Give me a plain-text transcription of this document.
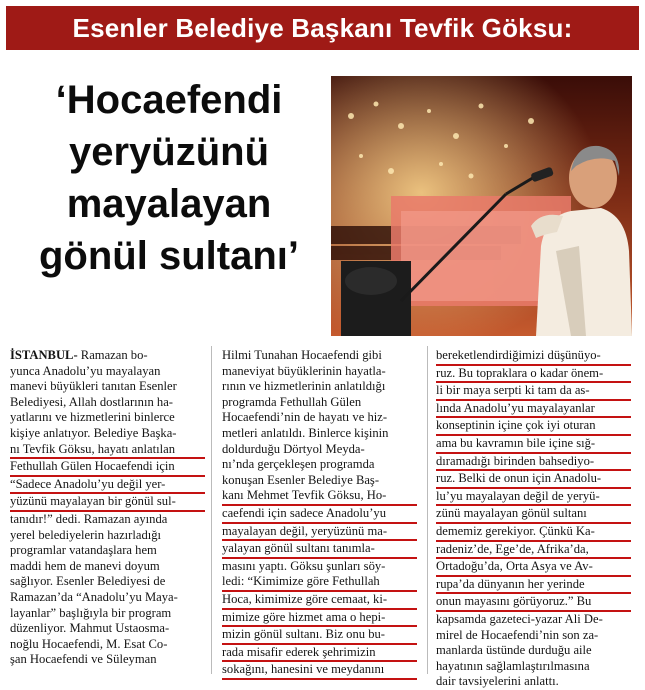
Esenler Belediye Başkanı Tevfik Göksu:
‘Hocaefendi
yeryüzünü
mayalayan
gönül sultanı’
İSTANBUL- Ramazan bo-
yunca Anadolu’yu mayalayan
manevi büyükleri tanıtan Esenler
Belediyesi, Allah dostlarının ha-
yatlarını ve hizmetlerini binlerce
kişiye anlatıyor. Belediye Başka-
nı Tevfik Göksu, hayatı anlatılan
Fethullah Gülen Hocaefendi için
“Sadece Anadolu’yu değil yer-
yüzünü mayalayan bir gönül sul-
tanıdır!” dedi. Ramazan ayında
yerel belediyelerin hazırladığı
programlar vatandaşlara hem
maddi hem de manevi doyum
sağlıyor. Esenler Belediyesi de
Ramazan’da “Anadolu’yu Maya-
layanlar” başlığıyla bir program
düzenliyor. Mahmut Ustaosma-
noğlu Hocaefendi, M. Esat Co-
şan Hocaefendi ve Süleyman
Hilmi Tunahan Hocaefendi gibi
maneviyat büyüklerinin hayatla-
rının ve hizmetlerinin anlatıldığı
programda Fethullah Gülen
Hocaefendi’nin de hayatı ve hiz-
metleri anlatıldı. Binlerce kişinin
doldurduğu Dörtyol Meyda-
nı’nda gerçekleşen programda
konuşan Esenler Belediye Baş-
kanı Mehmet Tevfik Göksu, Ho-
caefendi için sadece Anadolu’yu
mayalayan değil, yeryüzünü ma-
yalayan gönül sultanı tanımla-
masını yaptı. Göksu şunları söy-
ledi: “Kimimize göre Fethullah
Hoca, kimimize göre cemaat, ki-
mimize göre hizmet ama o hepi-
mizin gönül sultanı. Biz onu bu-
rada misafir ederek şehrimizin
sokağını, hanesini ve meydanını
bereketlendirdiğimizi düşünüyo-
ruz. Bu topraklara o kadar önem-
li bir maya serpti ki tam da as-
lında Anadolu’yu mayalayanlar
konseptinin içine çok iyi oturan
ama bu kavramın bile içine sığ-
dıramadığı birinden bahsediyo-
ruz. Belki de onun için Anadolu-
lu’yu mayalayan değil de yeryü-
zünü mayalayan gönül sultanı
dememiz gerekiyor. Çünkü Ka-
radeniz’de, Ege’de, Afrika’da,
Ortadoğu’da, Orta Asya ve Av-
rupa’da dünyanın her yerinde
onun mayasını görüyoruz.” Bu
kapsamda gazeteci-yazar Ali De-
mirel de Hocaefendi’nin son za-
manlarda üstünde durduğu aile
hayatının sağlamlaştırılmasına
dair tavsiyelerini anlattı.
